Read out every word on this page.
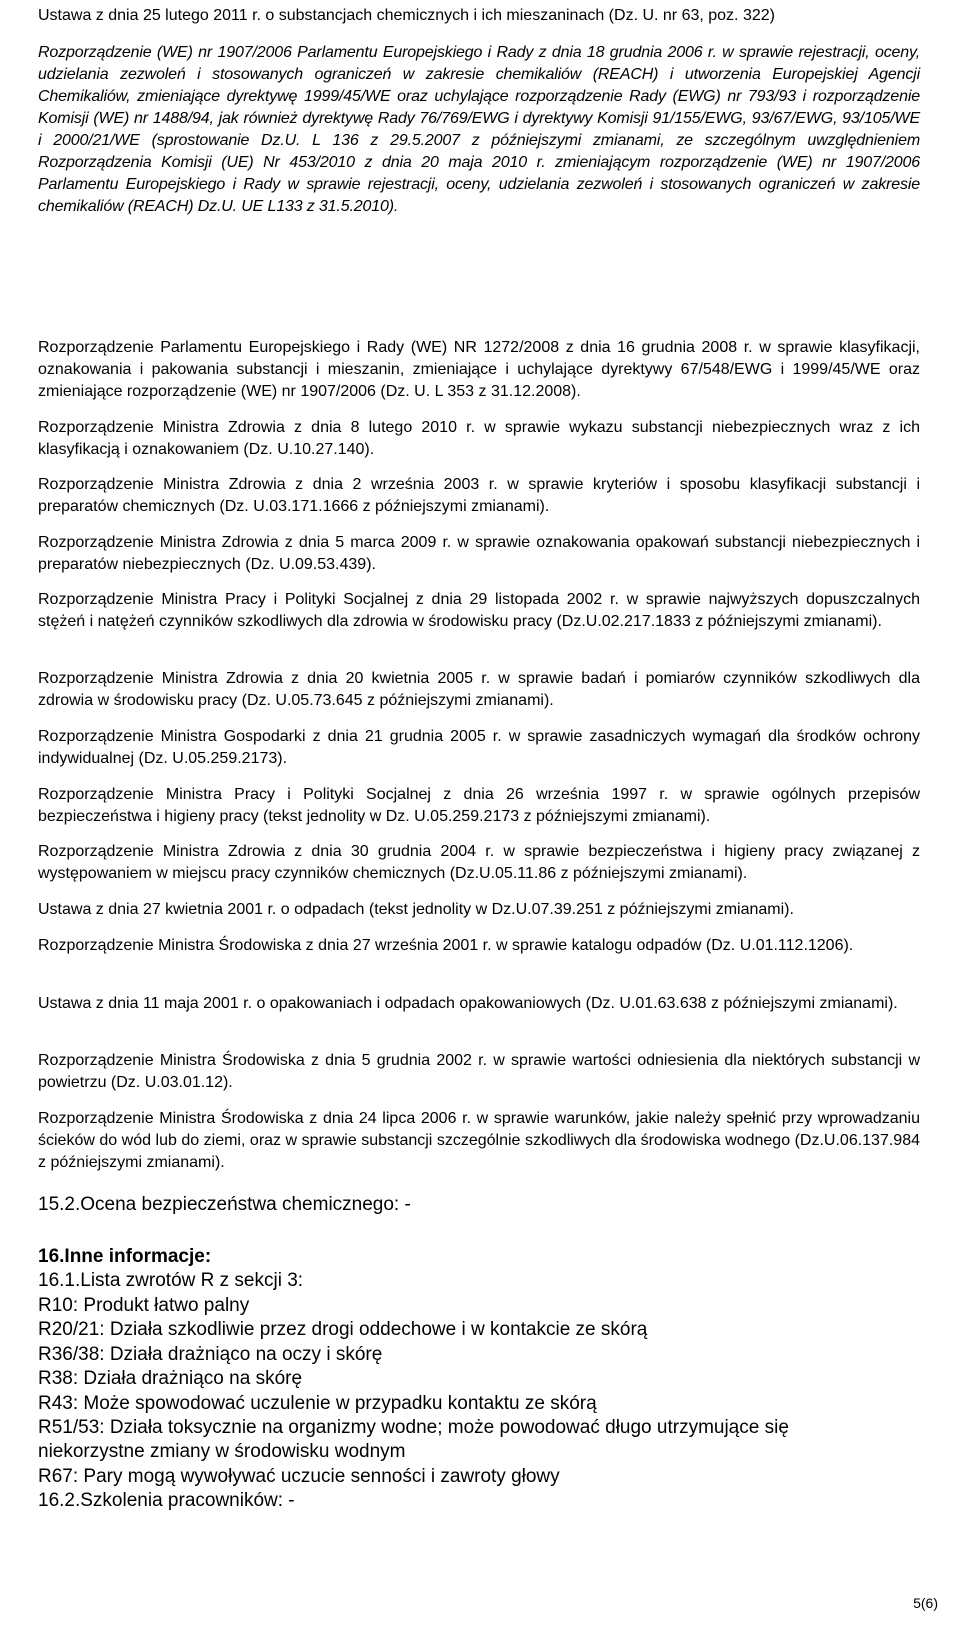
Ustawa z dnia 25 lutego 2011 r. o substancjach chemicznych i ich mieszaninach (Dz. U. nr 63, poz. 322)
Rozporządzenie (WE) nr 1907/2006 Parlamentu Europejskiego i Rady z dnia 18 grudnia 2006 r. w sprawie rejestracji, oceny, udzielania zezwoleń i stosowanych ograniczeń w zakresie chemikaliów (REACH) i utworzenia Europejskiej Agencji Chemikaliów, zmieniające dyrektywę 1999/45/WE oraz uchylające rozporządzenie Rady (EWG) nr 793/93 i rozporządzenie Komisji (WE) nr 1488/94, jak również dyrektywę Rady 76/769/EWG i dyrektywy Komisji 91/155/EWG, 93/67/EWG, 93/105/WE i 2000/21/WE (sprostowanie Dz.U. L 136 z 29.5.2007 z późniejszymi zmianami, ze szczególnym uwzględnieniem Rozporządzenia Komisji (UE) Nr 453/2010 z dnia 20 maja 2010 r. zmieniającym rozporządzenie (WE) nr 1907/2006 Parlamentu Europejskiego i Rady w sprawie rejestracji, oceny, udzielania zezwoleń i stosowanych ograniczeń w zakresie chemikaliów (REACH) Dz.U. UE L133 z 31.5.2010).
Rozporządzenie Parlamentu Europejskiego i Rady (WE) NR 1272/2008 z dnia 16 grudnia 2008 r. w sprawie klasyfikacji, oznakowania i pakowania substancji i mieszanin, zmieniające i uchylające dyrektywy 67/548/EWG i 1999/45/WE oraz zmieniające rozporządzenie (WE) nr 1907/2006 (Dz. U. L 353 z 31.12.2008).
Rozporządzenie Ministra Zdrowia z dnia 8 lutego 2010 r. w sprawie wykazu substancji niebezpiecznych wraz z ich klasyfikacją i oznakowaniem (Dz. U.10.27.140).
Rozporządzenie Ministra Zdrowia z dnia 2 września 2003 r. w sprawie kryteriów i sposobu klasyfikacji substancji i preparatów chemicznych (Dz. U.03.171.1666 z późniejszymi zmianami).
Rozporządzenie Ministra Zdrowia z dnia 5 marca 2009 r. w sprawie oznakowania opakowań substancji niebezpiecznych i preparatów niebezpiecznych (Dz. U.09.53.439).
Rozporządzenie Ministra Pracy i Polityki Socjalnej z dnia 29 listopada 2002 r. w sprawie najwyższych dopuszczalnych stężeń i natężeń czynników szkodliwych dla zdrowia w środowisku pracy (Dz.U.02.217.1833 z późniejszymi zmianami).
Rozporządzenie Ministra Zdrowia z dnia 20 kwietnia 2005 r. w sprawie badań i pomiarów czynników szkodliwych dla zdrowia w środowisku pracy (Dz. U.05.73.645 z późniejszymi zmianami).
Rozporządzenie Ministra Gospodarki z dnia 21 grudnia 2005 r. w sprawie zasadniczych wymagań dla środków ochrony indywidualnej (Dz. U.05.259.2173).
Rozporządzenie Ministra Pracy i Polityki Socjalnej z dnia 26 września 1997 r. w sprawie ogólnych przepisów bezpieczeństwa i higieny pracy (tekst jednolity w Dz. U.05.259.2173 z późniejszymi zmianami).
Rozporządzenie Ministra Zdrowia z dnia 30 grudnia 2004 r. w sprawie bezpieczeństwa i higieny pracy związanej z występowaniem w miejscu pracy czynników chemicznych (Dz.U.05.11.86 z późniejszymi zmianami).
Ustawa z dnia 27 kwietnia 2001 r. o odpadach (tekst jednolity w Dz.U.07.39.251 z późniejszymi zmianami).
Rozporządzenie Ministra Środowiska z dnia 27 września 2001 r. w sprawie katalogu odpadów (Dz. U.01.112.1206).
Ustawa z dnia 11 maja 2001 r. o opakowaniach i odpadach opakowaniowych (Dz. U.01.63.638 z późniejszymi zmianami).
Rozporządzenie Ministra Środowiska z dnia 5 grudnia 2002 r. w sprawie wartości odniesienia dla niektórych substancji w powietrzu (Dz. U.03.01.12).
Rozporządzenie Ministra Środowiska z dnia 24 lipca 2006 r. w sprawie warunków, jakie należy spełnić przy wprowadzaniu ścieków do wód lub do ziemi, oraz w sprawie substancji szczególnie szkodliwych dla środowiska wodnego (Dz.U.06.137.984 z późniejszymi zmianami).
15.2.Ocena bezpieczeństwa chemicznego: -
16.Inne informacje:
16.1.Lista zwrotów R z sekcji 3:
R10: Produkt łatwo palny
R20/21: Działa szkodliwie przez drogi oddechowe i w kontakcie ze skórą
R36/38: Działa drażniąco na oczy i skórę
R38: Działa drażniąco na skórę
R43: Może spowodować uczulenie w przypadku kontaktu ze skórą
R51/53: Działa toksycznie na organizmy wodne; może powodować długo utrzymujące się
niekorzystne zmiany w środowisku wodnym
R67: Pary mogą wywoływać uczucie senności i zawroty głowy
16.2.Szkolenia pracowników: -
5(6)
